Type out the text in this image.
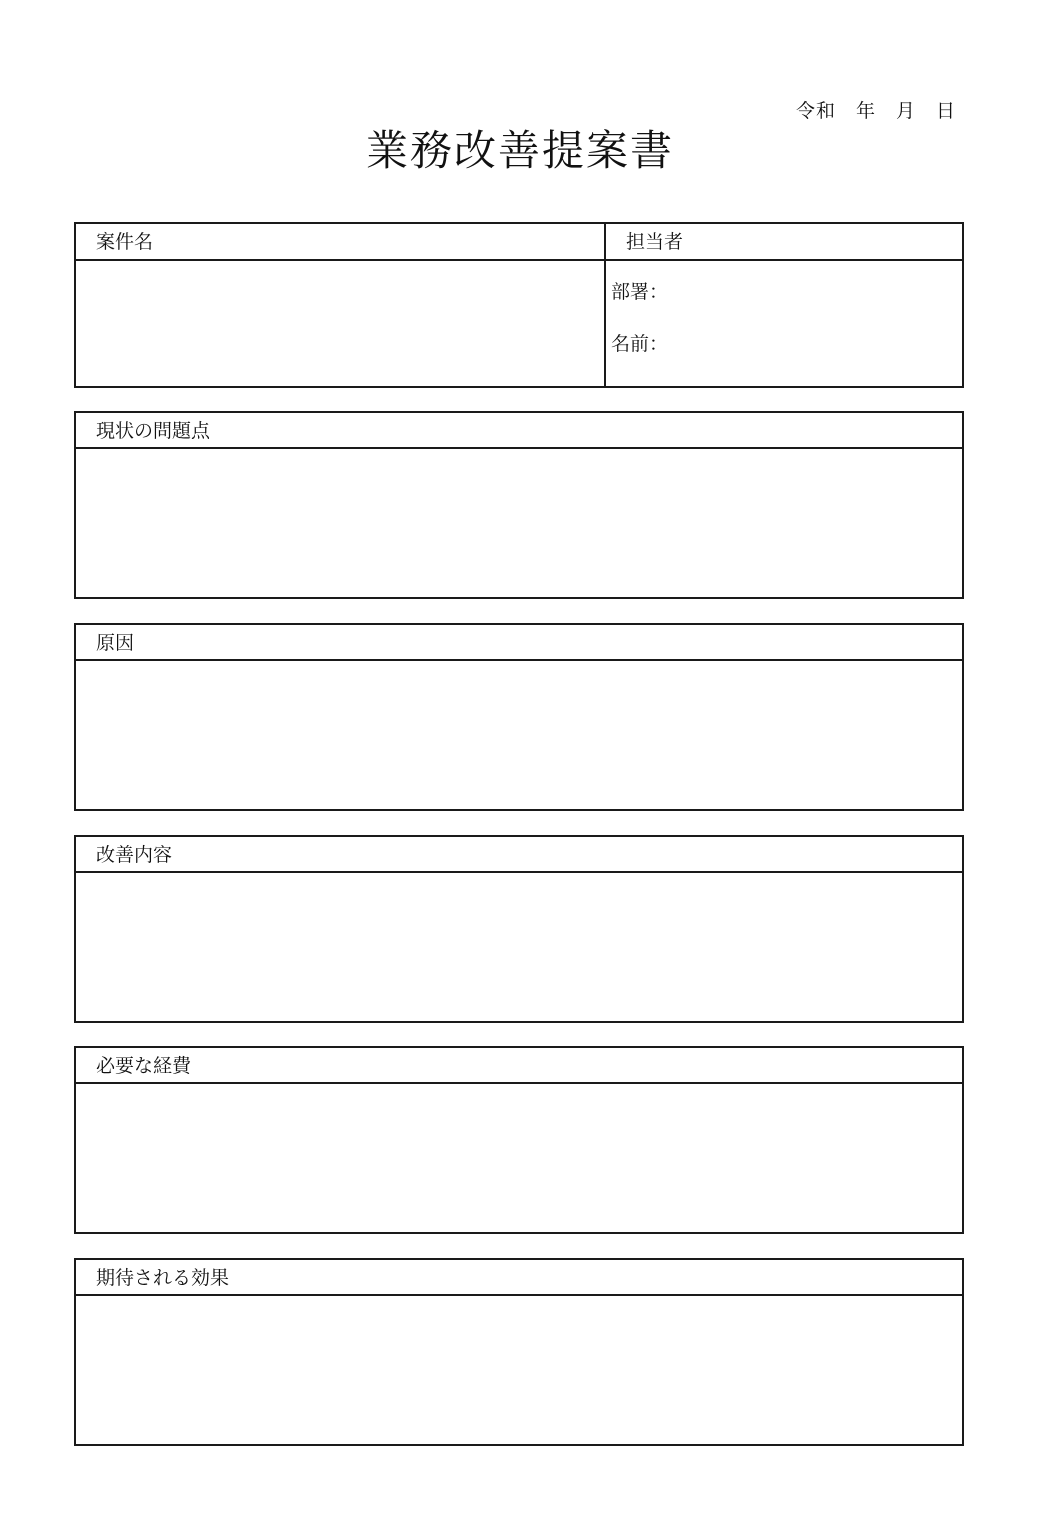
令和　年　月　日
業務改善提案書
案件名	担当者
部署：
名前：
現状の問題点
原因
改善内容
必要な経費
期待される効果
